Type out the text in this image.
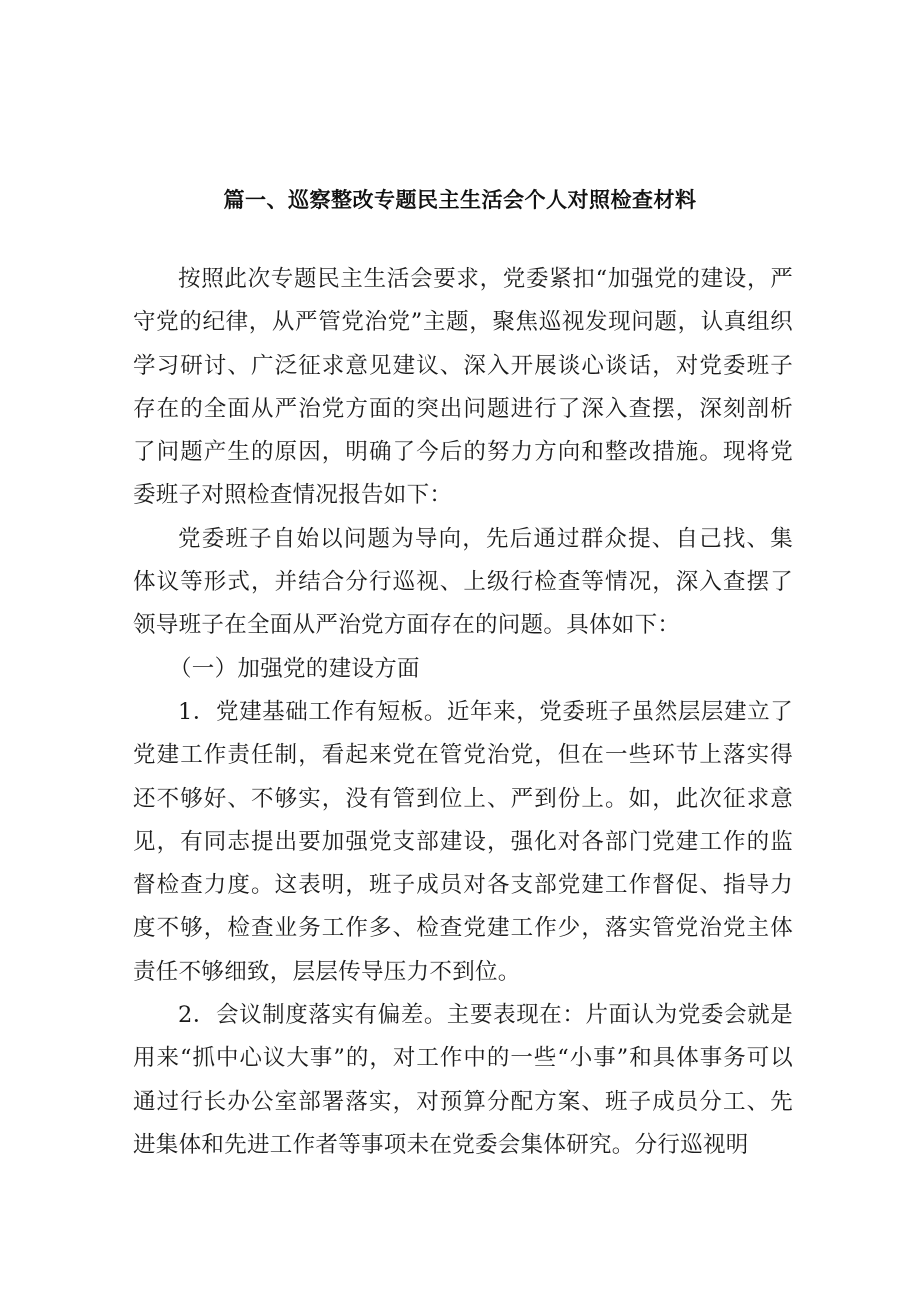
篇一、巡察整改专题民主生活会个人对照检查材料

按照此次专题民主生活会要求，党委紧扣“加强党的建设，严守党的纪律，从严管党治党”主题，聚焦巡视发现问题，认真组织学习研讨、广泛征求意见建议、深入开展谈心谈话，对党委班子存在的全面从严治党方面的突出问题进行了深入查摆，深刻剖析了问题产生的原因，明确了今后的努力方向和整改措施。现将党委班子对照检查情况报告如下：

党委班子自始以问题为导向，先后通过群众提、自己找、集体议等形式，并结合分行巡视、上级行检查等情况，深入查摆了领导班子在全面从严治党方面存在的问题。具体如下：

（一）加强党的建设方面

1．党建基础工作有短板。近年来，党委班子虽然层层建立了党建工作责任制，看起来党在管党治党，但在一些环节上落实得还不够好、不够实，没有管到位上、严到份上。如，此次征求意见，有同志提出要加强党支部建设，强化对各部门党建工作的监督检查力度。这表明，班子成员对各支部党建工作督促、指导力度不够，检查业务工作多、检查党建工作少，落实管党治党主体责任不够细致，层层传导压力不到位。

2．会议制度落实有偏差。主要表现在：片面认为党委会就是用来“抓中心议大事”的，对工作中的一些“小事”和具体事务可以通过行长办公室部署落实，对预算分配方案、班子成员分工、先进集体和先进工作者等事项未在党委会集体研究。分行巡视明
